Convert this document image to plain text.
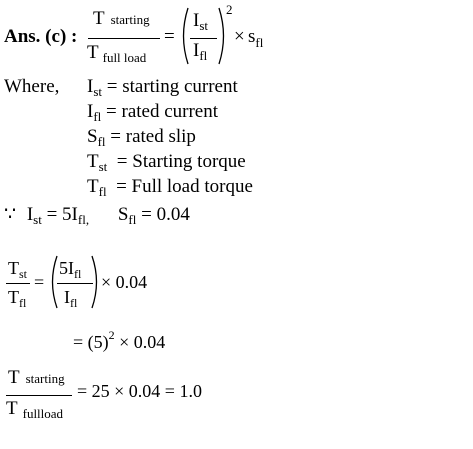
Ans. (c) :
T starting
T $_{full load}$
=
$I_{st}$
$I_{fl}$
2
× $s_{fl}$
Where, $I_{st}$ = starting current
$I_{fl}$ = rated current
$S_{fl}$ = rated slip
$T_{st}$  = Starting torque
$T_{fl}$  = Full load torque
∵ $I_{st} = 5I_{fl,}$ $S_{fl} = 0.04$
$T_{st}$
$T_{fl}$
=
$5I_{fl}$
$I_{fl}$
× 0.04
= $(5)^2 \times 0.04$
T starting
T $_{fullload}$
= 25 × 0.04 = 1.0
